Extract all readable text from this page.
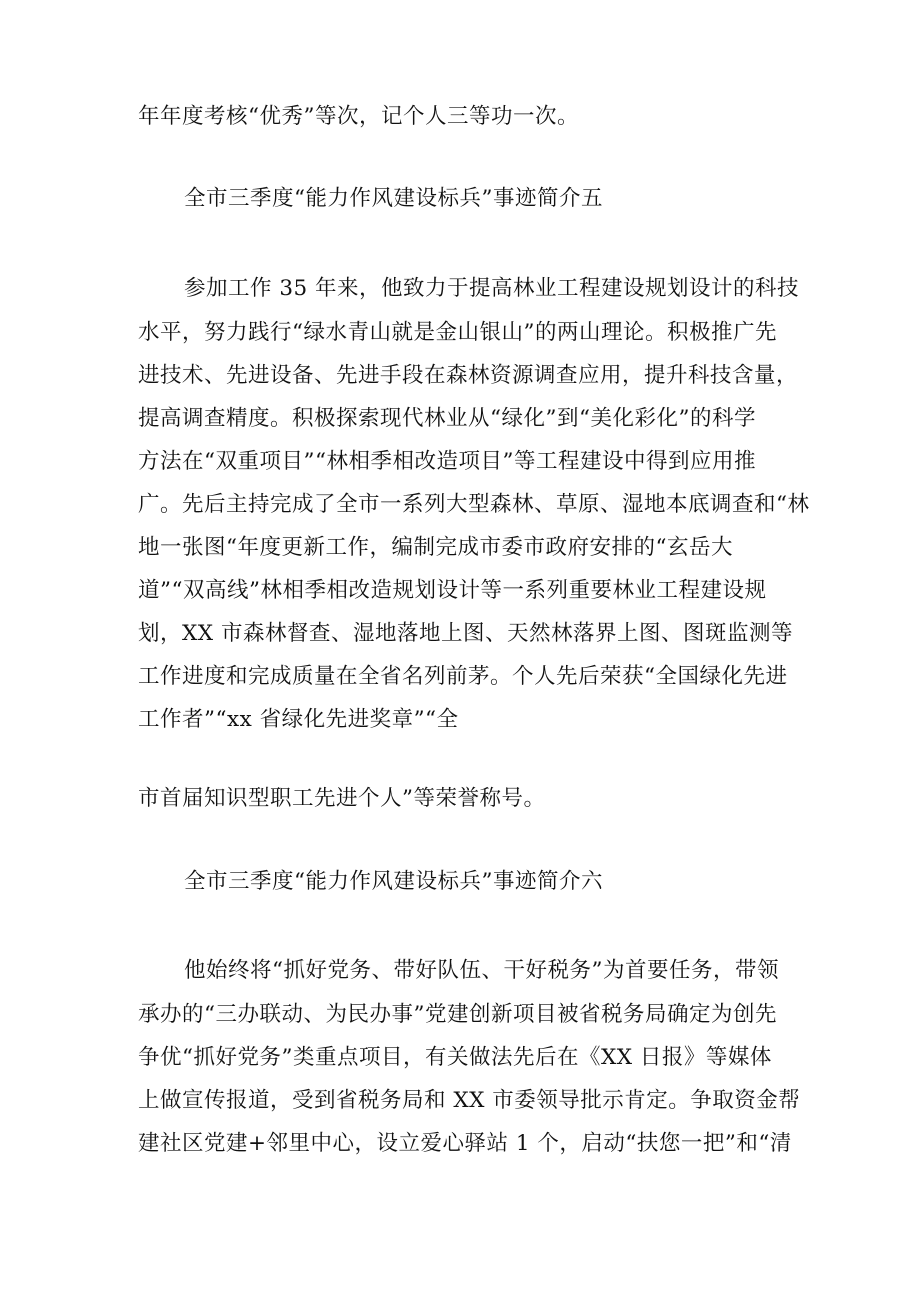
年年度考核“优秀”等次，记个人三等功一次。
全市三季度“能力作风建设标兵”事迹简介五
参加工作 35 年来，他致力于提高林业工程建设规划设计的科技
水平，努力践行“绿水青山就是金山银山”的两山理论。积极推广先
进技术、先进设备、先进手段在森林资源调查应用，提升科技含量，
提高调查精度。积极探索现代林业从“绿化”到“美化彩化”的科学
方法在“双重项目”“林相季相改造项目”等工程建设中得到应用推
广。先后主持完成了全市一系列大型森林、草原、湿地本底调查和“林
地一张图“年度更新工作，编制完成市委市政府安排的“玄岳大
道”“双高线”林相季相改造规划设计等一系列重要林业工程建设规
划，XX 市森林督查、湿地落地上图、天然林落界上图、图斑监测等
工作进度和完成质量在全省名列前茅。个人先后荣获“全国绿化先进
工作者”“xx 省绿化先进奖章”“全
市首届知识型职工先进个人”等荣誉称号。
全市三季度“能力作风建设标兵”事迹简介六
他始终将“抓好党务、带好队伍、干好税务”为首要任务，带领
承办的“三办联动、为民办事”党建创新项目被省税务局确定为创先
争优“抓好党务”类重点项目，有关做法先后在《XX 日报》等媒体
上做宣传报道，受到省税务局和 XX 市委领导批示肯定。争取资金帮
建社区党建+邻里中心，设立爱心驿站 1 个，启动“扶您一把”和“清
